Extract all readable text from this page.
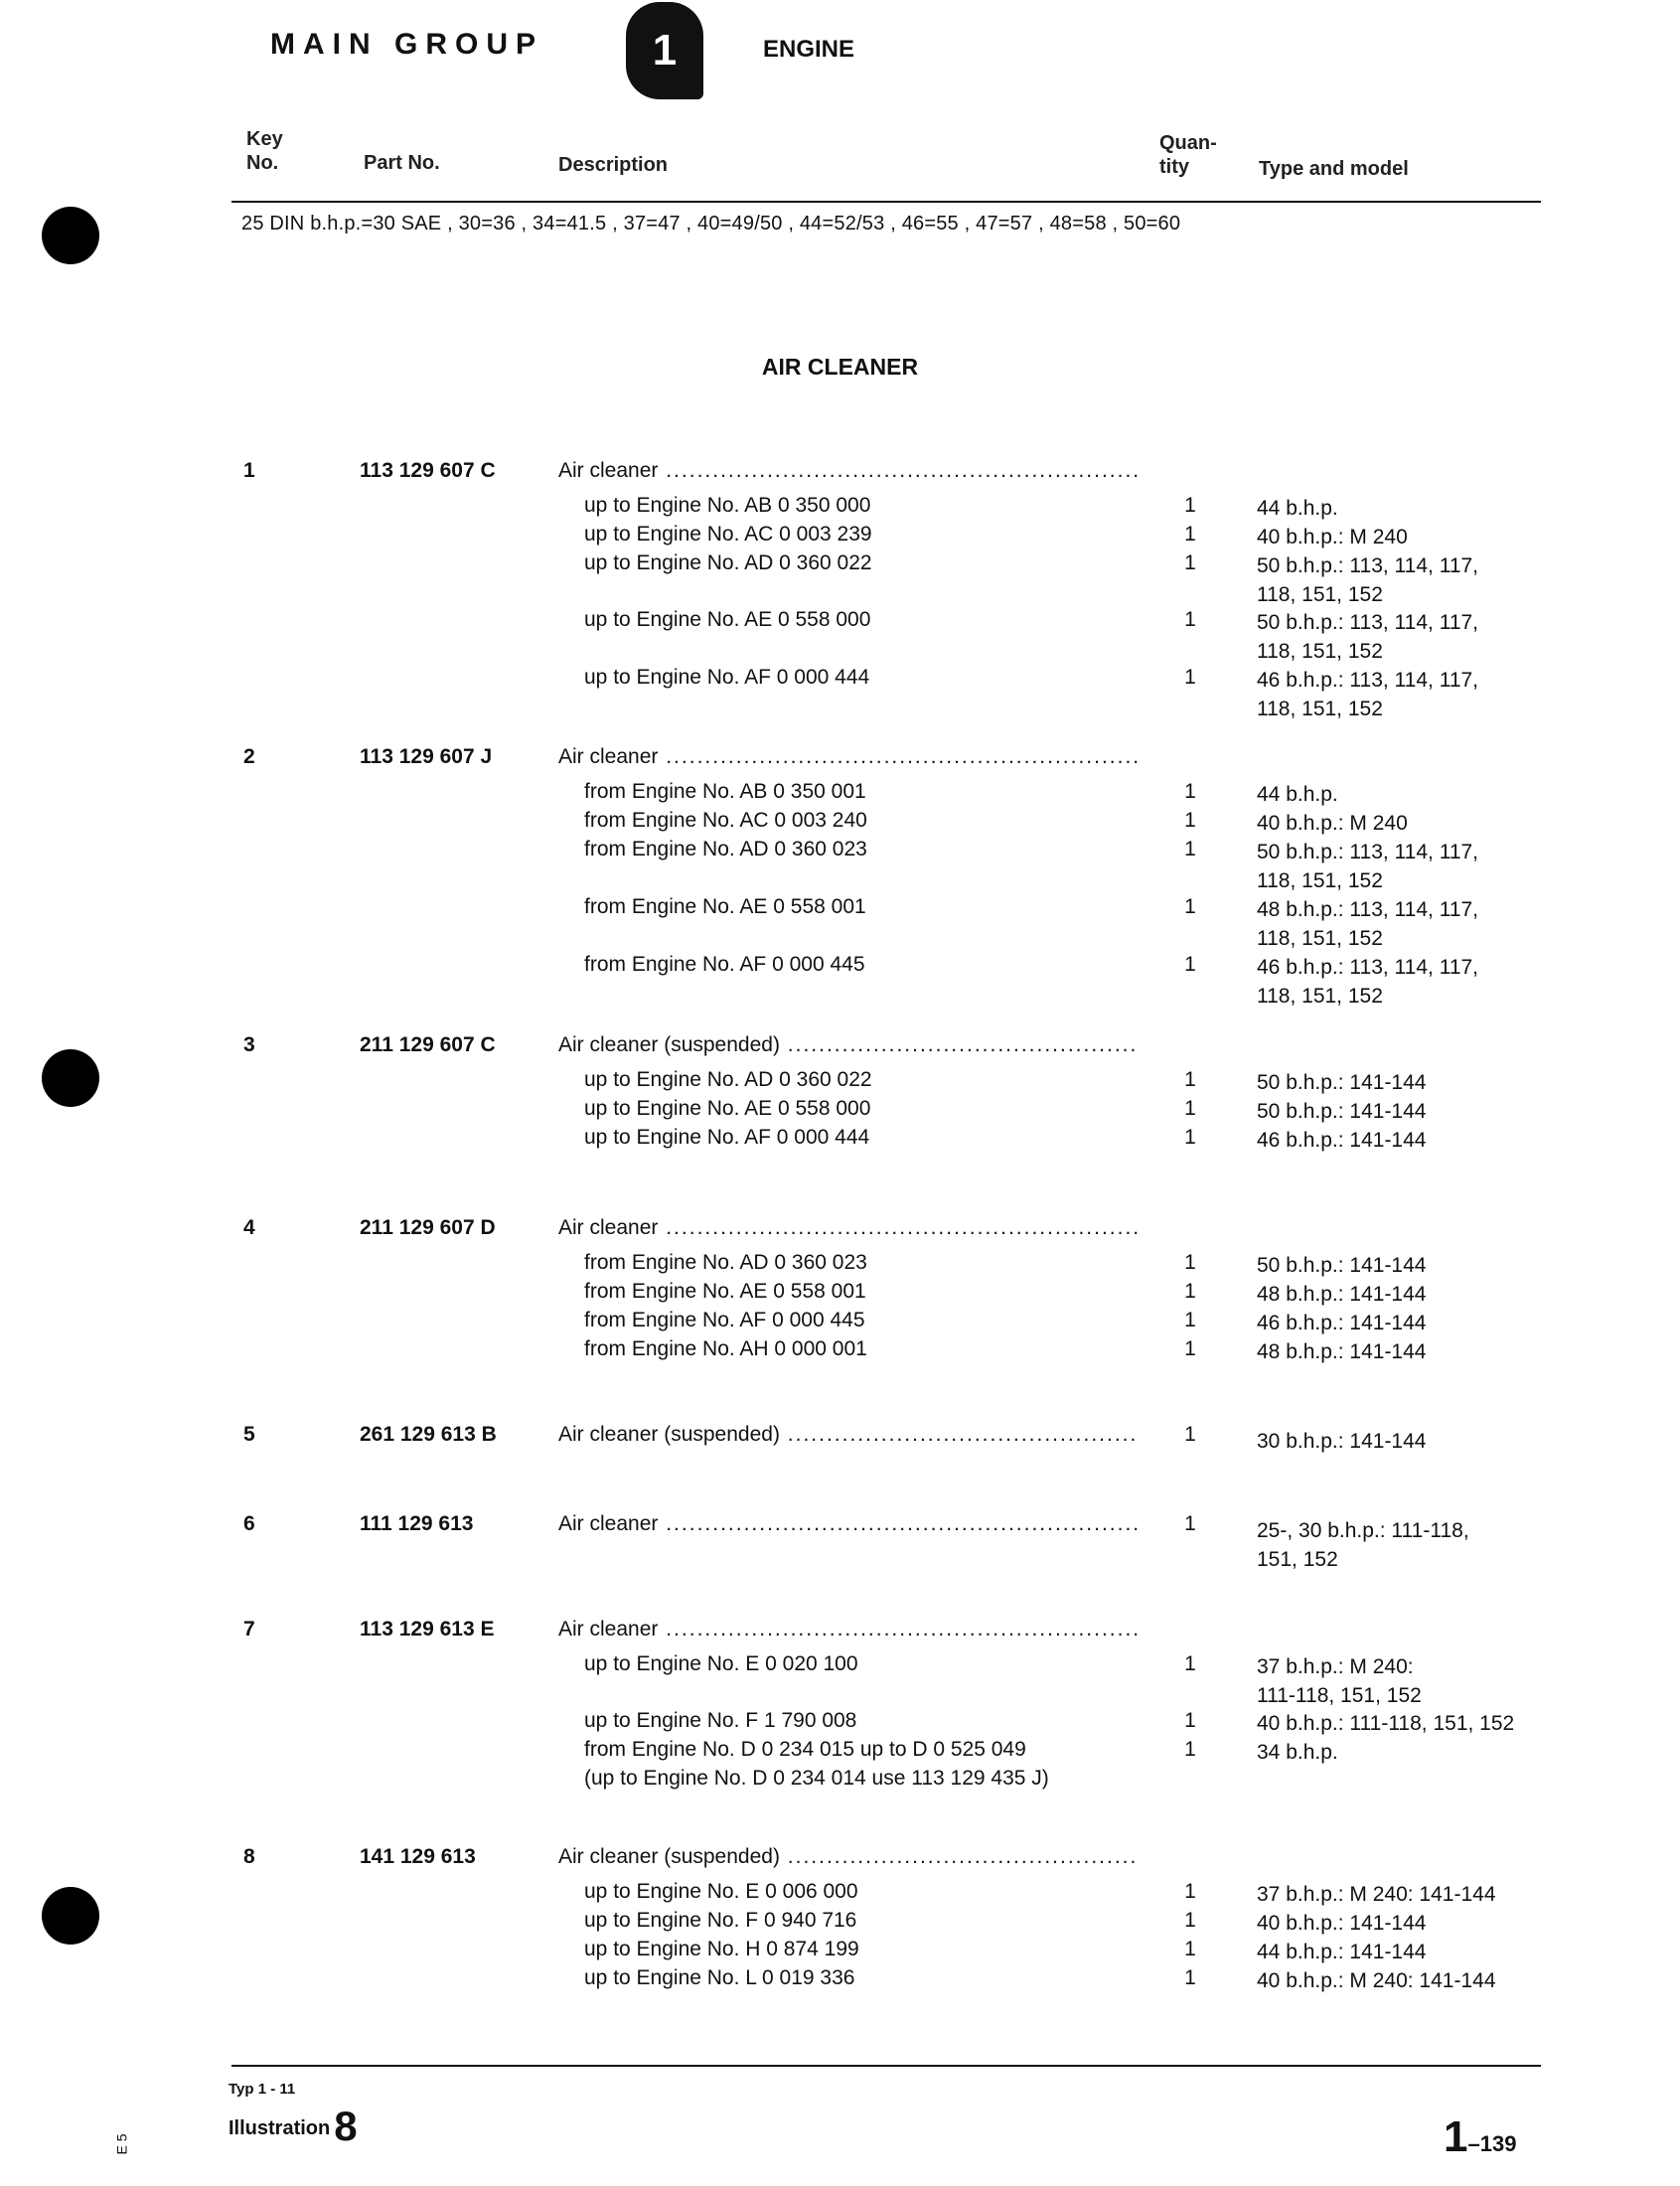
MAIN GROUP	1	ENGINE
Key
No.	Part No.	Description
Quan-
tity	Type and model
25 DIN b.h.p.=30 SAE , 30=36 , 34=41.5 , 37=47 , 40=49/50 , 44=52/53 , 46=55 , 47=57 , 48=58 , 50=60
AIR CLEANER
1	113 129 607 C	Air cleaner .....
up to Engine No. AB 0 350 000	1	44 b.h.p.
up to Engine No. AC 0 003 239	1	40 b.h.p.: M 240
up to Engine No. AD 0 360 022	1	50 b.h.p.: 113, 114, 117,
118, 151, 152
up to Engine No. AE 0 558 000	1	50 b.h.p.: 113, 114, 117,
118, 151, 152
up to Engine No. AF 0 000 444	1	46 b.h.p.: 113, 114, 117,
118, 151, 152
2	113 129 607 J	Air cleaner .....
from Engine No. AB 0 350 001	1	44 b.h.p.
from Engine No. AC 0 003 240	1	40 b.h.p.: M 240
from Engine No. AD 0 360 023	1	50 b.h.p.: 113, 114, 117,
118, 151, 152
from Engine No. AE 0 558 001	1	48 b.h.p.: 113, 114, 117,
118, 151, 152
from Engine No. AF 0 000 445	1	46 b.h.p.: 113, 114, 117,
118, 151, 152
3	211 129 607 C	Air cleaner (suspended) .....
up to Engine No. AD 0 360 022	1	50 b.h.p.: 141-144
up to Engine No. AE 0 558 000	1	50 b.h.p.: 141-144
up to Engine No. AF 0 000 444	1	46 b.h.p.: 141-144
4	211 129 607 D	Air cleaner .....
from Engine No. AD 0 360 023	1	50 b.h.p.: 141-144
from Engine No. AE 0 558 001	1	48 b.h.p.: 141-144
from Engine No. AF 0 000 445	1	46 b.h.p.: 141-144
from Engine No. AH 0 000 001	1	48 b.h.p.: 141-144
5	261 129 613 B	Air cleaner (suspended) .....	1	30 b.h.p.: 141-144
6	111 129 613	Air cleaner .....	1	25-, 30 b.h.p.: 111-118,
151, 152
7	113 129 613 E	Air cleaner .....
up to Engine No. E 0 020 100	1	37 b.h.p.: M 240:
111-118, 151, 152
up to Engine No. F 1 790 008	1	40 b.h.p.: 111-118, 151, 152
from Engine No. D 0 234 015 up to D 0 525 049	1	34 b.h.p.
(up to Engine No. D 0 234 014 use 113 129 435 J)
8	141 129 613	Air cleaner (suspended) .....
up to Engine No. E 0 006 000	1	37 b.h.p.: M 240: 141-144
up to Engine No. F 0 940 716	1	40 b.h.p.: 141-144
up to Engine No. H 0 874 199	1	44 b.h.p.: 141-144
up to Engine No. L 0 019 336	1	40 b.h.p.: M 240: 141-144
Typ 1 - 11
Illustration8	1–139
E 5
